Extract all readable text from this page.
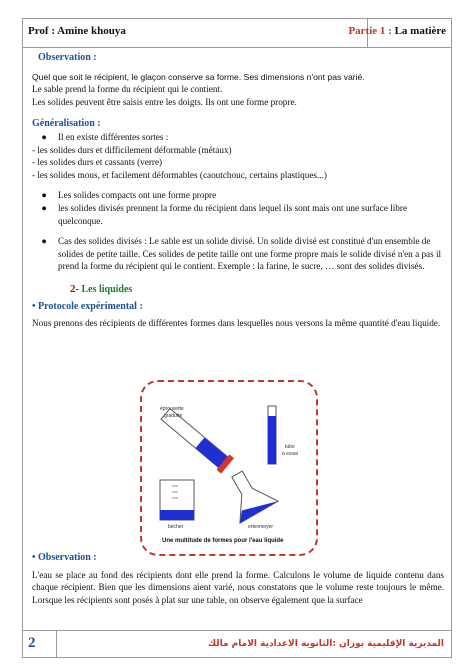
Prof : Amine khouya	Partie 1 : La matière
Observation :

Quel que soit le récipient, le glaçon conserve sa forme. Ses dimensions n'ont pas varié.

Le sable prend la forme du récipient qui le contient.

Les solides peuvent être saisis entre les doigts. Ils ont une forme propre.

Généralisation :
●	Il en existe différentes sortes :

- les solides durs et difficilement déformable (métaux)

- les solides durs et cassants (verre)

- les solides mous, et facilement déformables (caoutchouc, certains plastiques...)

●	Les solides compacts ont une forme propre
●	les solides divisés prennent la forme du récipient dans lequel ils sont mais ont une surface libre quelconque.
●	Cas des solides divisés : Le sable est un solide divisé. Un solide divisé est constitué d'un ensemble de solides de petite taille. Ces solides de petite taille ont une forme propre mais le solide divisé n'en a pas il prend la forme du récipient qui le contient. Exemple : la farine, le sucre, … sont des solides divisés.
2- Les liquides
• Protocole expérimental :

Nous prenons des récipients de différentes formes dans lesquelles nous versons la même quantité d'eau liquide.

éprouvette
graduée
tube
à essai
bécher	erlenmeyer
Une multitude de formes pour l'eau liquide
• Observation :

L'eau se place au fond des récipients dont elle prend la forme. Calculons le volume de liquide contenu dans chaque récipient. Bien que les dimensions aient varié, nous constatons que le volume reste toujours le même. Lorsque les récipients sont posés à plat sur une table, on observe également que la surface

2	المديرية الإقليمية بوزان :الثانوية الاعدادية الامام مالك
